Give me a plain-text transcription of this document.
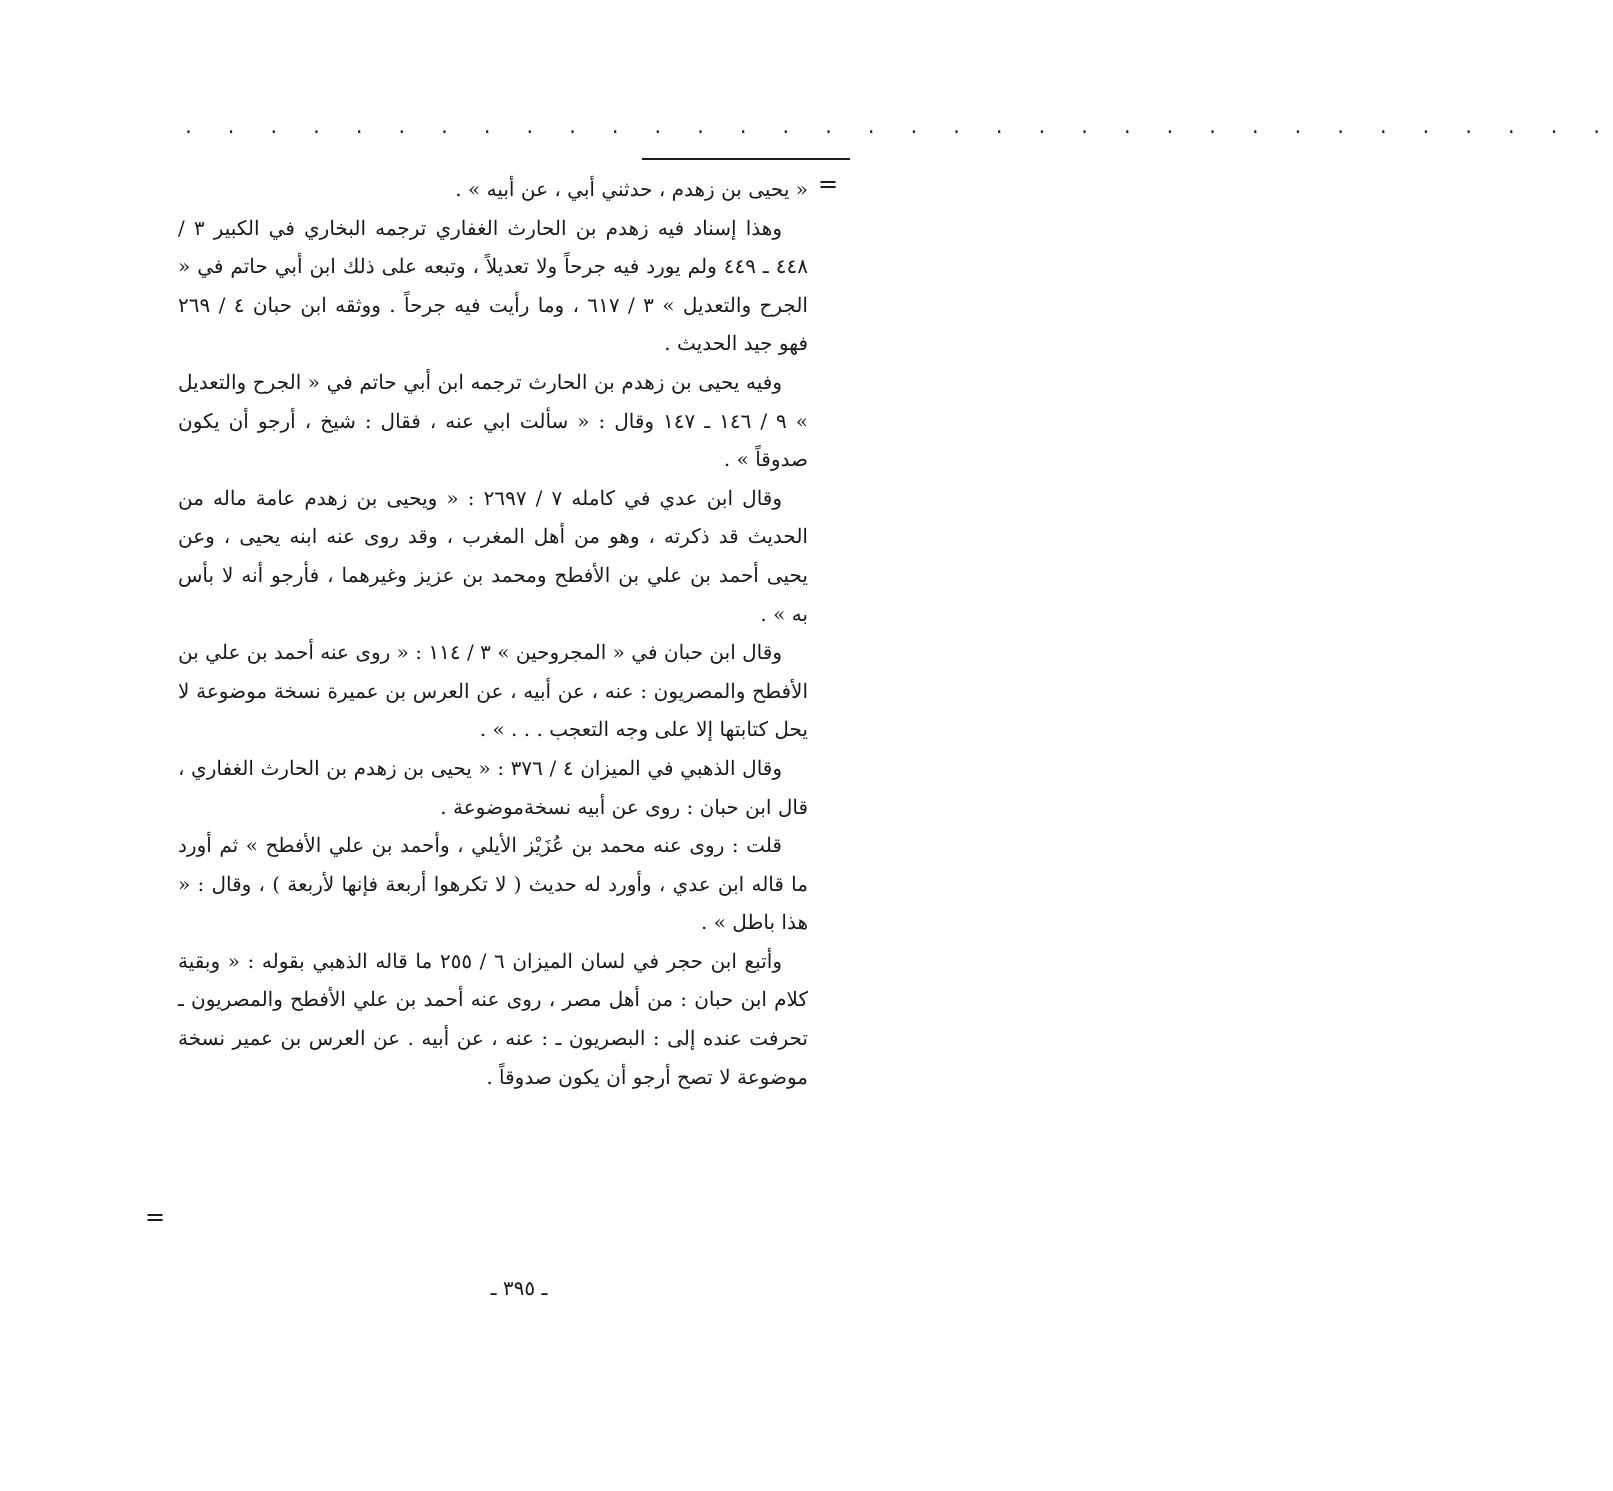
· · · · · · · · · · · · · · · · · · · · · · · · · · · · · · · · · ·
=

« يحيى بن زهدم ، حدثني أبي ، عن أبيه » .

وهذا إسناد فيه زهدم بن الحارث الغفاري ترجمه البخاري في الكبير ٣ / ٤٤٨ ـ ٤٤٩ ولم يورد فيه جرحاً ولا تعديلاً ، وتبعه على ذلك ابن أبي حاتم في « الجرح والتعديل » ٣ / ٦١٧ ، وما رأيت فيه جرحاً . ووثقه ابن حبان ٤ / ٢٦٩ فهو جيد الحديث .

وفيه يحيى بن زهدم بن الحارث ترجمه ابن أبي حاتم في « الجرح والتعديل » ٩ / ١٤٦ ـ ١٤٧ وقال : « سألت ابي عنه ، فقال : شيخ ، أرجو أن يكون صدوقاً » .

وقال ابن عدي في كامله ٧ / ٢٦٩٧ : « ويحيى بن زهدم عامة ماله من الحديث قد ذكرته ، وهو من أهل المغرب ، وقد روى عنه ابنه يحيى ، وعن يحيى أحمد بن علي بن الأفطح ومحمد بن عزيز وغيرهما ، فأرجو أنه لا بأس به » .

وقال ابن حبان في « المجروحين » ٣ / ١١٤ : « روى عنه أحمد بن علي بن الأفطح والمصريون : عنه ، عن أبيه ، عن العرس بن عميرة نسخة موضوعة لا يحل كتابتها إلا على وجه التعجب . . . » .

وقال الذهبي في الميزان ٤ / ٣٧٦ : « يحيى بن زهدم بن الحارث الغفاري ، قال ابن حبان : روى عن أبيه نسخةموضوعة .

قلت : روى عنه محمد بن عُزَيْز الأيلي ، وأحمد بن علي الأفطح » ثم أورد ما قاله ابن عدي ، وأورد له حديث ( لا تكرهوا أربعة فإنها لأربعة ) ، وقال : « هذا باطل » .

وأتبع ابن حجر في لسان الميزان ٦ / ٢٥٥ ما قاله الذهبي بقوله : « وبقية كلام ابن حبان : من أهل مصر ، روى عنه أحمد بن علي الأفطح والمصريون ـ تحرفت عنده إلى : البصريون ـ : عنه ، عن أبيه . عن العرس بن عمير نسخة موضوعة لا تصح أرجو أن يكون صدوقاً .

=
ـ ٣٩٥ ـ
